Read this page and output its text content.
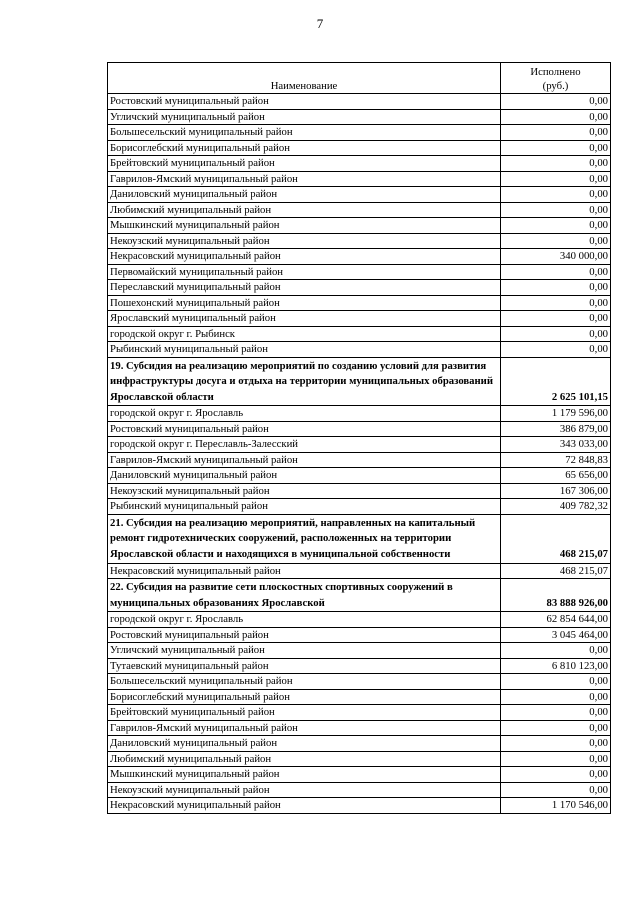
7
Наименование	Исполнено
(руб.)

Ростовский муниципальный район	0,00
Угличский муниципальный район	0,00
Большесельский муниципальный район	0,00
Борисоглебский муниципальный район	0,00
Брейтовский муниципальный район	0,00
Гаврилов-Ямский муниципальный район	0,00
Даниловский муниципальный район	0,00
Любимский муниципальный район	0,00
Мышкинский муниципальный район	0,00
Некоузский муниципальный район	0,00
Некрасовский муниципальный район	340 000,00
Первомайский муниципальный район	0,00
Переславский муниципальный район	0,00
Пошехонский муниципальный район	0,00
Ярославский муниципальный район	0,00
городской округ г. Рыбинск	0,00
Рыбинский муниципальный район	0,00
19. Субсидия на реализацию мероприятий по созданию условий для развития инфраструктуры досуга и отдыха на территории муниципальных образований Ярославской области	2 625 101,15
городской округ г. Ярославль	1 179 596,00
Ростовский муниципальный район	386 879,00
городской округ г. Переславль-Залесский	343 033,00
Гаврилов-Ямский муниципальный район	72 848,83
Даниловский муниципальный район	65 656,00
Некоузский муниципальный район	167 306,00
Рыбинский муниципальный район	409 782,32
21. Субсидия на реализацию мероприятий, направленных на капитальный ремонт гидротехнических сооружений, расположенных на территории Ярославской области и находящихся в муниципальной собственности	468 215,07
Некрасовский муниципальный район	468 215,07
22. Субсидия на развитие сети плоскостных спортивных сооружений в муниципальных образованиях Ярославской	83 888 926,00
городской округ г. Ярославль	62 854 644,00
Ростовский муниципальный район	3 045 464,00
Угличский муниципальный район	0,00
Тутаевский муниципальный район	6 810 123,00
Большесельский муниципальный район	0,00
Борисоглебский муниципальный район	0,00
Брейтовский муниципальный район	0,00
Гаврилов-Ямский муниципальный район	0,00
Даниловский муниципальный район	0,00
Любимский муниципальный район	0,00
Мышкинский муниципальный район	0,00
Некоузский муниципальный район	0,00
Некрасовский муниципальный район	1 170 546,00
